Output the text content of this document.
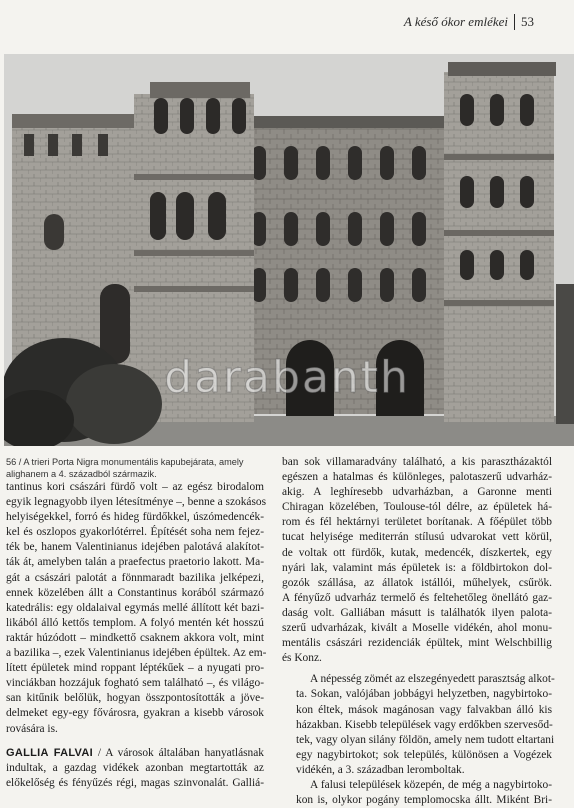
A késő ókor emlékei 53
darabanth
56 / A trieri Porta Nigra monumentális kapubejárata, amely alighanem a 4. századból származik.

tantinus kori császári fürdő volt – az egész birodalom
egyik legnagyobb ilyen létesítménye –, benne a szokásos
helyiségekkel, forró és hideg fürdőkkel, úszómedencék-
kel és oszlopos gyakorlótérrel. Építését soha nem fejez-
ték be, hanem Valentinianus idejében palotává alakítot-
ták át, amelyben talán a praefectus praetorio lakott. Ma-
gát a császári palotát a fönnmaradt bazilika jelképezi,
ennek közelében állt a Constantinus korából származó
katedrális: egy oldalaival egymás mellé állított két bazi-
likából álló kettős templom. A folyó mentén két hosszú
raktár húzódott – mindkettő csaknem akkora volt, mint
a bazilika –, ezek Valentinianus idejében épültek. Az em-
lített épületek mind roppant léptékűek – a nyugati pro-
vinciákban hozzájuk fogható sem található –, és világo-
san kitűnik belőlük, hogyan összpontosították a jöve-
delmeket egy-egy fővárosra, gyakran a kisebb városok
rovására is.

GALLIA FALVAI / A városok általában hanyatlásnak
indultak, a gazdag vidékek azonban megtartották az
előkelőség és fényűzés régi, magas szinvonalát. Galliá-

ban sok villamaradvány található, a kis parasztházaktól
egészen a hatalmas és különleges, palotaszerű udvarház-
akig. A leghíresebb udvarházban, a Garonne menti
Chiragan közelében, Toulouse-tól délre, az épületek há-
rom és fél hektárnyi területet borítanak. A főépület több
tucat helyisége mediterrán stílusú udvarokat vett körül,
de voltak ott fürdők, kutak, medencék, díszkertek, egy
nyári lak, valamint más épületek is: a földbirtokon dol-
gozók szállása, az állatok istállói, műhelyek, csűrök.
A fényűző udvarház termelő és feltehetőleg önellátó gaz-
daság volt. Galliában másutt is találhatók ilyen palota-
szerű udvarházak, kivált a Moselle vidékén, ahol monu-
mentális császári rezidenciák épültek, mint Welschbillig
és Konz.

A népesség zömét az elszegényedett parasztság alkot-
ta. Sokan, valójában jobbágyi helyzetben, nagybirtoko-
kon éltek, mások magánosan vagy falvakban álló kis
házakban. Kisebb települések vagy erdőkben szervesőd-
tek, vagy olyan silány földön, amely nem tudott eltartani
egy nagybirtokot; sok település, különösen a Vogézek
vidékén, a 3. században leromboltak.

A falusi települések közepén, de még a nagybirtoko-
kon is, olykor pogány templomocska állt. Miként Bri-
